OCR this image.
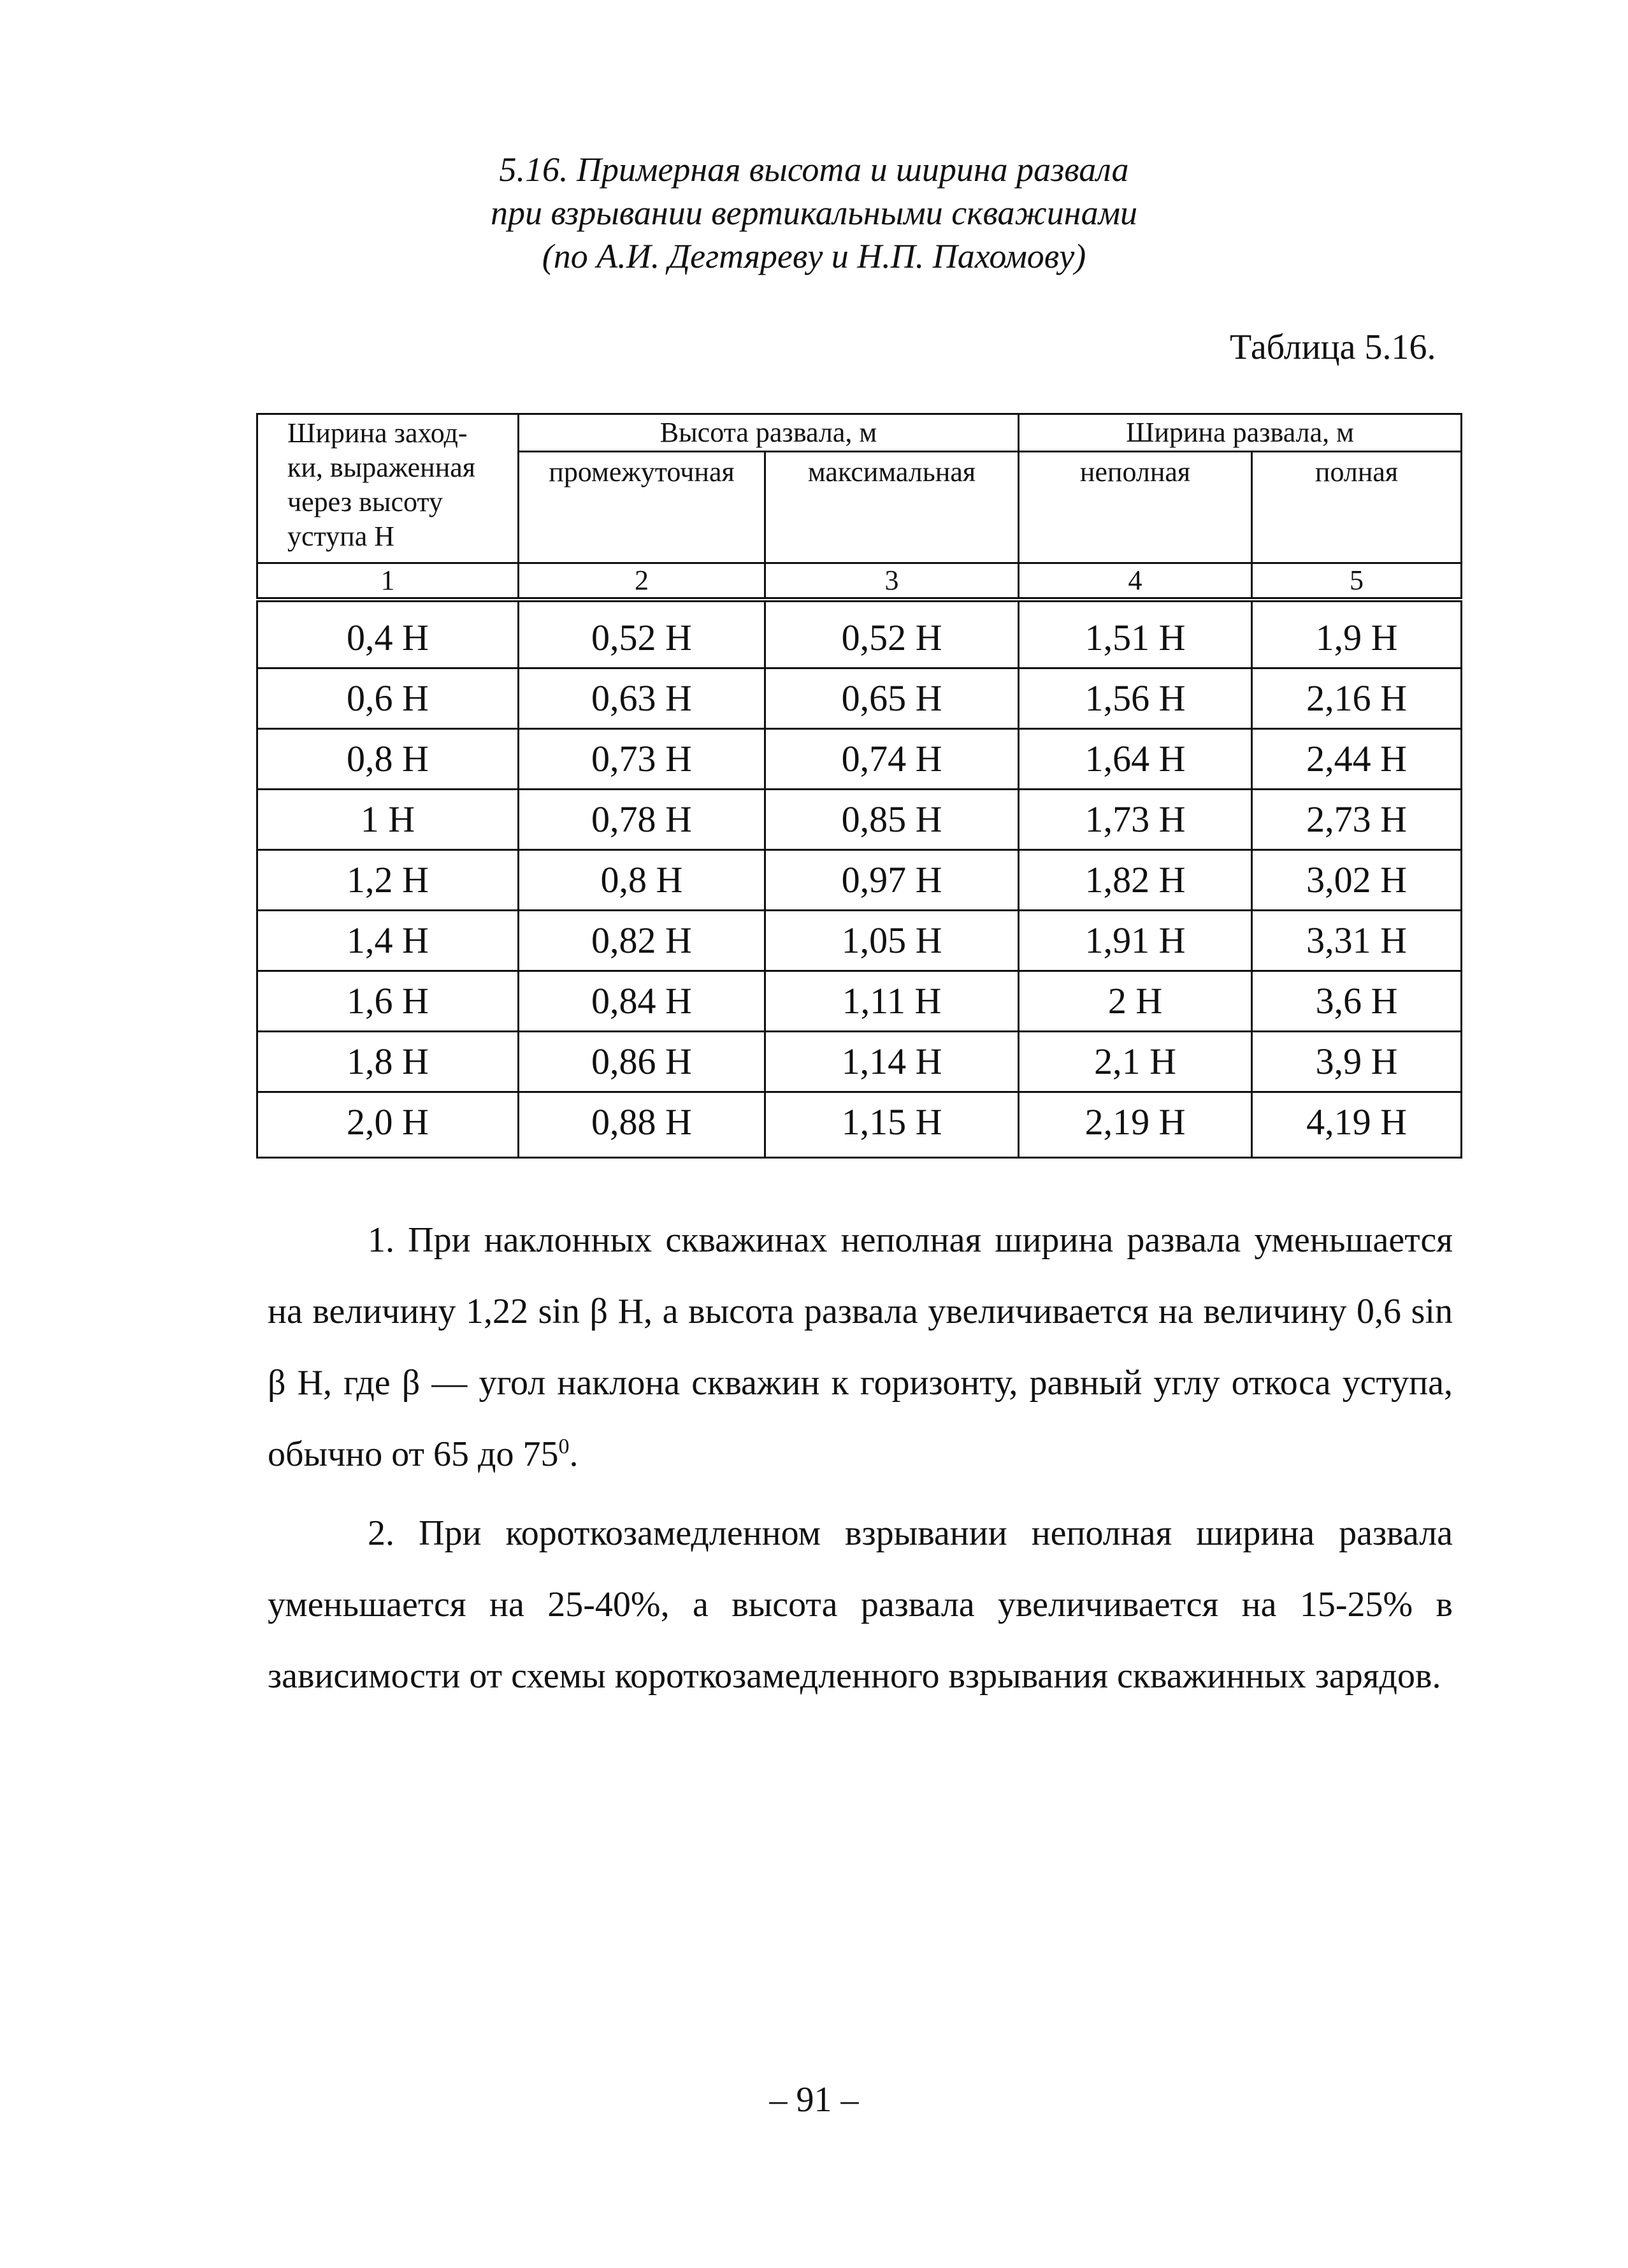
5.16. Примерная высота и ширина развала
при взрывании вертикальными скважинами
(по А.И. Дегтяреву и Н.П. Пахомову)
Таблица 5.16.
Ширина заход-
ки, выраженная
через высоту
уступа Н	Высота развала, м		Ширина развала, м	
	промежуточная	максимальная	неполная	полная
1	2	3	4	5
0,4 Н	0,52 Н	0,52 Н	1,51 Н	1,9 Н
0,6 Н	0,63 Н	0,65 Н	1,56 Н	2,16 Н
0,8 Н	0,73 Н	0,74 Н	1,64 Н	2,44 Н
1 Н	0,78 Н	0,85 Н	1,73 Н	2,73 Н
1,2 Н	0,8 Н	0,97 Н	1,82 Н	3,02 Н
1,4 Н	0,82 Н	1,05 Н	1,91 Н	3,31 Н
1,6 Н	0,84 Н	1,11 Н	2 Н	3,6 Н
1,8 Н	0,86 Н	1,14 Н	2,1 Н	3,9 Н
2,0 Н	0,88 Н	1,15 Н	2,19 Н	4,19 Н
1. При наклонных скважинах неполная ширина развала уменьшается на величину 1,22 sin β Н, а высота развала увеличивается на величину 0,6 sin β Н, где β — угол наклона скважин к горизонту, равный углу откоса уступа, обычно от 65 до $75^0$.
2. При короткозамедленном взрывании неполная ширина развала уменьшается на 25-40%, а высота развала увеличивается на 15-25% в зависимости от схемы короткозамедленного взрывания скважинных зарядов.
– 91 –
